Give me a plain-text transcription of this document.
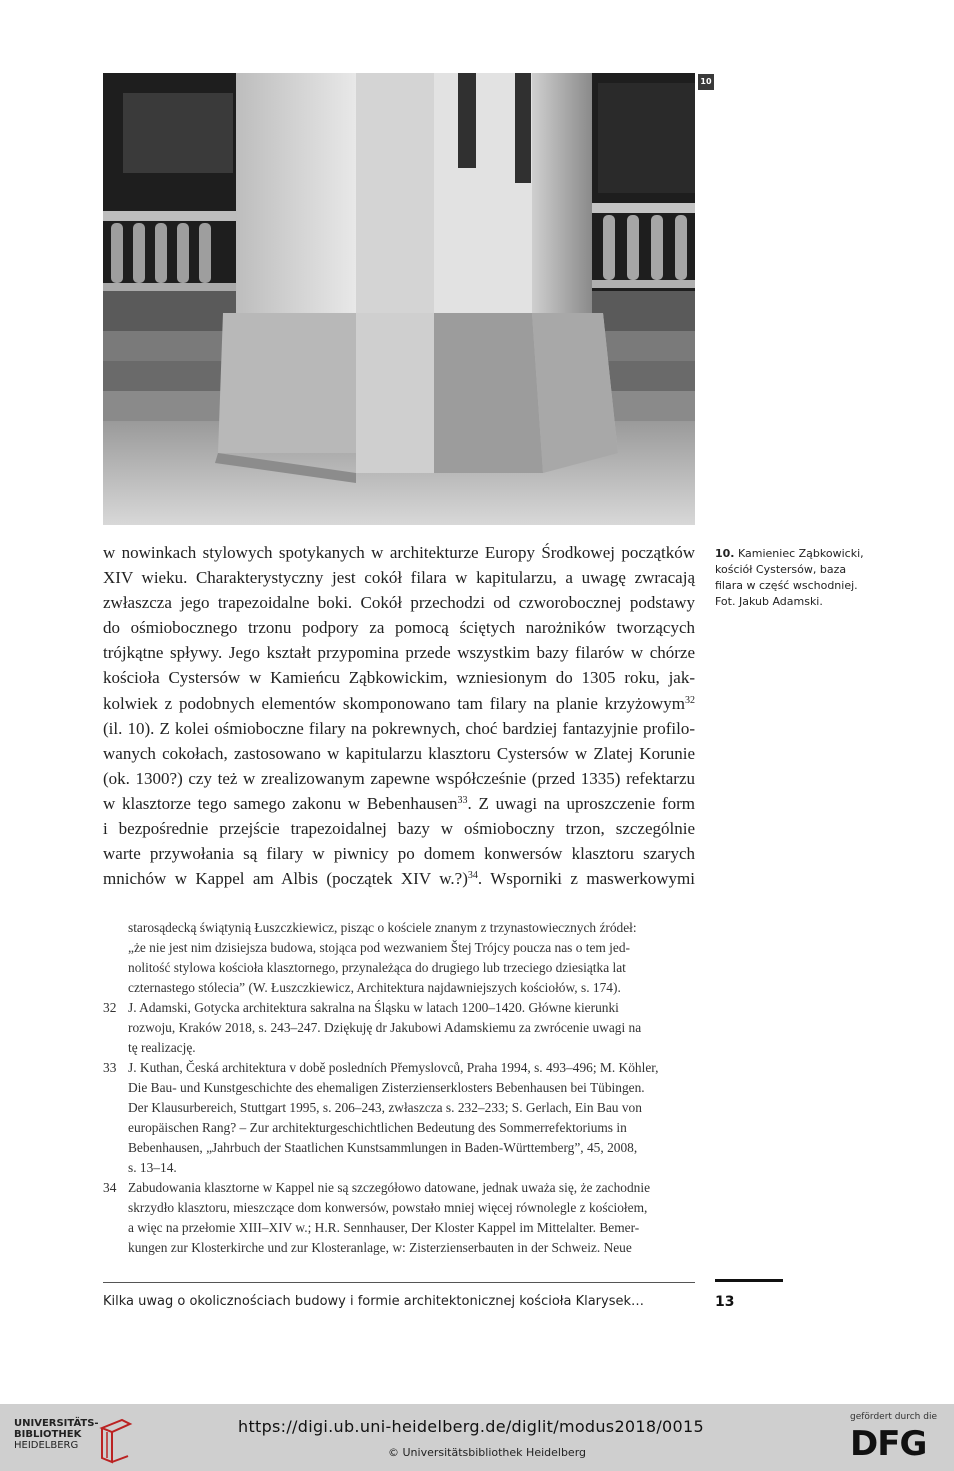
10
10. Kamieniec Ząbkowicki, kościół Cystersów, baza filara w część wschodniej. Fot. Jakub Adamski.
w nowinkach stylowych spotykanych w architekturze Europy Środkowej początków
XIV wieku. Charakterystyczny jest cokół filara w kapitularzu, a uwagę zwracają
zwłaszcza jego trapezoidalne boki. Cokół przechodzi od czworobocznej podstawy
do ośmiobocznego trzonu podpory za pomocą ściętych narożników tworzących
trójkątne spływy. Jego kształt przypomina przede wszystkim bazy filarów w chórze
kościoła Cystersów w Kamieńcu Ząbkowickim, wzniesionym do 1305 roku, jak-
kolwiek z podobnych elementów skomponowano tam filary na planie krzyżowym$^{32}$
(il. 10). Z kolei ośmioboczne filary na pokrewnych, choć bardziej fantazyjnie profilo-
wanych cokołach, zastosowano w kapitularzu klasztoru Cystersów w Zlatej Korunie
(ok. 1300?) czy też w zrealizowanym zapewne współcześnie (przed 1335) refektarzu
w klasztorze tego samego zakonu w Bebenhausen$^{33}$. Z uwagi na uproszczenie form
i bezpośrednie przejście trapezoidalnej bazy w ośmioboczny trzon, szczególnie
warte przywołania są filary w piwnicy po domem konwersów klasztoru szarych
mnichów w Kappel am Albis (początek XIV w.?)$^{34}$. Wsporniki z maswerkowymi
starosądecką świątynią Łuszczkiewicz, pisząc o kościele znanym z trzynastowiecznych źródeł:
„że nie jest nim dzisiejsza budowa, stojąca pod wezwaniem Štej Trójcy poucza nas o tem jed-
nolitość stylowa kościoła klasztornego, przynależąca do drugiego lub trzeciego dziesiątka lat
czternastego stólecia” (W. Łuszczkiewicz, Architektura najdawniejszych kościołów, s. 174).
32 J. Adamski, Gotycka architektura sakralna na Śląsku w latach 1200–1420. Główne kierunki
rozwoju, Kraków 2018, s. 243–247. Dziękuję dr Jakubowi Adamskiemu za zwrócenie uwagi na
tę realizację.
33 J. Kuthan, Česká architektura v době posledních Přemyslovců, Praha 1994, s. 493–496; M. Köhler,
Die Bau- und Kunstgeschichte des ehemaligen Zisterzienserklosters Bebenhausen bei Tübingen.
Der Klausurbereich, Stuttgart 1995, s. 206–243, zwłaszcza s. 232–233; S. Gerlach, Ein Bau von
europäischen Rang? – Zur architekturgeschichtlichen Bedeutung des Sommerrefektoriums in
Bebenhausen, „Jahrbuch der Staatlichen Kunstsammlungen in Baden-Württemberg”, 45, 2008,
s. 13–14.
34 Zabudowania klasztorne w Kappel nie są szczegółowo datowane, jednak uważa się, że zachodnie
skrzydło klasztoru, mieszczące dom konwersów, powstało mniej więcej równolegle z kościołem,
a więc na przełomie XIII–XIV w.; H.R. Sennhauser, Der Kloster Kappel im Mittelalter. Bemer-
kungen zur Klosterkirche und zur Klosteranlage, w: Zisterzienserbauten in der Schweiz. Neue
Kilka uwag o okolicznościach budowy i formie architektonicznej kościoła Klarysek…	13
UNIVERSITÄTS-
BIBLIOTHEK
HEIDELBERG
https://digi.ub.uni-heidelberg.de/diglit/modus2018/0015
© Universitätsbibliothek Heidelberg
gefördert durch die
DFG
